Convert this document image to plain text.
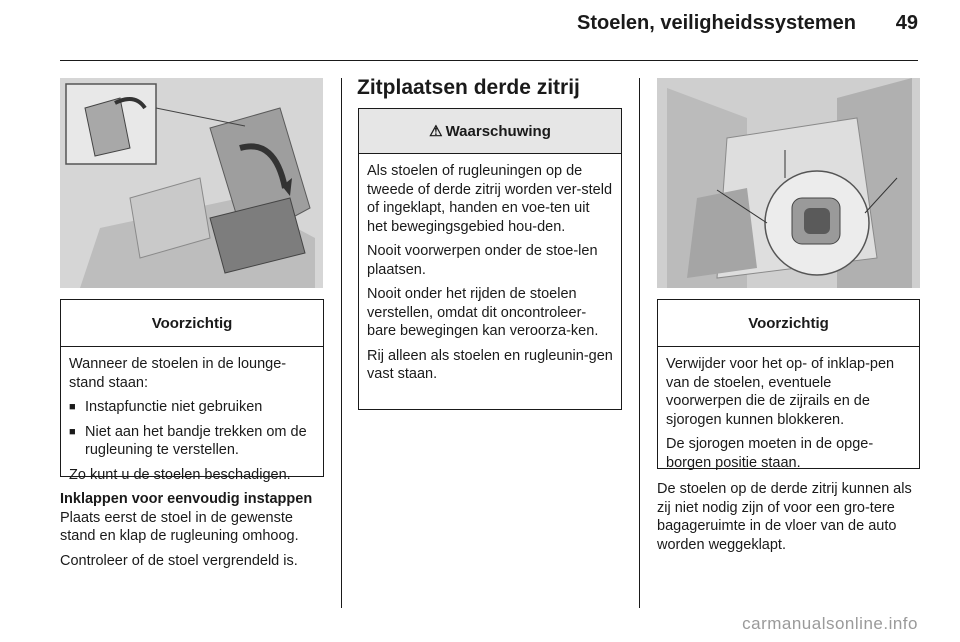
Stoelen, veiligheidssystemen 49
Voorzichtig

Wanneer de stoelen in de lounge-stand staan:

■ Instapfunctie niet gebruiken
■ Niet aan het bandje trekken om de rugleuning te verstellen.

Zo kunt u de stoelen beschadigen.

Inklappen voor eenvoudig instappen

Plaats eerst de stoel in de gewenste stand en klap de rugleuning omhoog.

Controleer of de stoel vergrendeld is.

Zitplaatsen derde zitrij
⚠ Waarschuwing

Als stoelen of rugleuningen op de tweede of derde zitrij worden ver-steld of ingeklapt, handen en voe-ten uit het bewegingsgebied hou-den.

Nooit voorwerpen onder de stoe-len plaatsen.

Nooit onder het rijden de stoelen verstellen, omdat dit oncontroleer-bare bewegingen kan veroorza-ken.

Rij alleen als stoelen en rugleunin-gen vast staan.

Voorzichtig

Verwijder voor het op- of inklap-pen van de stoelen, eventuele voorwerpen die de zijrails en de sjorogen kunnen blokkeren.

De sjorogen moeten in de opge-borgen positie staan.

De stoelen op de derde zitrij kunnen als zij niet nodig zijn of voor een gro-tere bagageruimte in de vloer van de auto worden weggeklapt.

carmanualsonline.info
